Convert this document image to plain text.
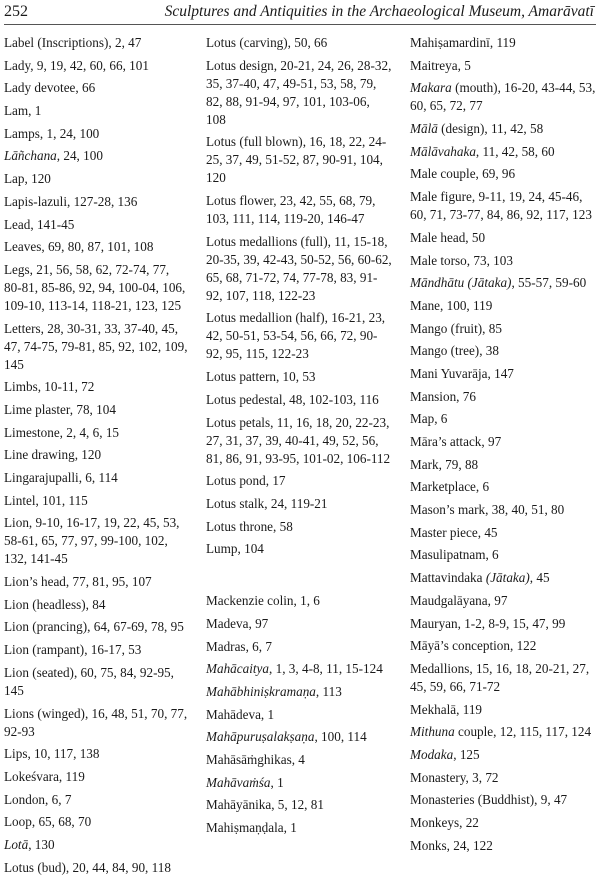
252	Sculptures and Antiquities in the Archaeological Museum, Amarāvatī
Label (Inscriptions), 2, 47
Lady, 9, 19, 42, 60, 66, 101
Lady devotee, 66
Lam, 1
Lamps, 1, 24, 100
Lāñchana, 24, 100
Lap, 120
Lapis-lazuli, 127-28, 136
Lead, 141-45
Leaves, 69, 80, 87, 101, 108
Legs, 21, 56, 58, 62, 72-74, 77, 80-81, 85-86, 92, 94, 100-04, 106, 109-10, 113-14, 118-21, 123, 125
Letters, 28, 30-31, 33, 37-40, 45, 47, 74-75, 79-81, 85, 92, 102, 109, 145
Limbs, 10-11, 72
Lime plaster, 78, 104
Limestone, 2, 4, 6, 15
Line drawing, 120
Lingarajupalli, 6, 114
Lintel, 101, 115
Lion, 9-10, 16-17, 19, 22, 45, 53, 58-61, 65, 77, 97, 99-100, 102, 132, 141-45
Lion’s head, 77, 81, 95, 107
Lion (headless), 84
Lion (prancing), 64, 67-69, 78, 95
Lion (rampant), 16-17, 53
Lion (seated), 60, 75, 84, 92-95, 145
Lions (winged), 16, 48, 51, 70, 77, 92-93
Lips, 10, 117, 138
Lokeśvara, 119
London, 6, 7
Loop, 65, 68, 70
Lotā, 130
Lotus (bud), 20, 44, 84, 90, 118
Lotus (carving), 50, 66
Lotus design, 20-21, 24, 26, 28-32, 35, 37-40, 47, 49-51, 53, 58, 79, 82, 88, 91-94, 97, 101, 103-06, 108
Lotus (full blown), 16, 18, 22, 24-25, 37, 49, 51-52, 87, 90-91, 104, 120
Lotus flower, 23, 42, 55, 68, 79, 103, 111, 114, 119-20, 146-47
Lotus medallions (full), 11, 15-18, 20-35, 39, 42-43, 50-52, 56, 60-62, 65, 68, 71-72, 74, 77-78, 83, 91-92, 107, 118, 122-23
Lotus medallion (half), 16-21, 23, 42, 50-51, 53-54, 56, 66, 72, 90-92, 95, 115, 122-23
Lotus pattern, 10, 53
Lotus pedestal, 48, 102-103, 116
Lotus petals, 11, 16, 18, 20, 22-23, 27, 31, 37, 39, 40-41, 49, 52, 56, 81, 86, 91, 93-95, 101-02, 106-112
Lotus pond, 17
Lotus stalk, 24, 119-21
Lotus throne, 58
Lump, 104
Mackenzie colin, 1, 6
Madeva, 97
Madras, 6, 7
Mahācaitya, 1, 3, 4-8, 11, 15-124
Mahābhiniṣkramaṇa, 113
Mahādeva, 1
Mahāpuruṣalakṣaṇa, 100, 114
Mahāsāṁghikas, 4
Mahāvaṁśa, 1
Mahāyānika, 5, 12, 81
Mahiṣmaṇḍala, 1
Mahiṣamardinī, 119
Maitreya, 5
Makara (mouth), 16-20, 43-44, 53, 60, 65, 72, 77
Mālā (design), 11, 42, 58
Mālāvahaka, 11, 42, 58, 60
Male couple, 69, 96
Male figure, 9-11, 19, 24, 45-46, 60, 71, 73-77, 84, 86, 92, 117, 123
Male head, 50
Male torso, 73, 103
Māndhātu (Jātaka), 55-57, 59-60
Mane, 100, 119
Mango (fruit), 85
Mango (tree), 38
Mani Yuvarāja, 147
Mansion, 76
Map, 6
Māra’s attack, 97
Mark, 79, 88
Marketplace, 6
Mason’s mark, 38, 40, 51, 80
Master piece, 45
Masulipatnam, 6
Mattavindaka (Jātaka), 45
Maudgalāyana, 97
Mauryan, 1-2, 8-9, 15, 47, 99
Māyā’s conception, 122
Medallions, 15, 16, 18, 20-21, 27, 45, 59, 66, 71-72
Mekhalā, 119
Mithuna couple, 12, 115, 117, 124
Modaka, 125
Monastery, 3, 72
Monasteries (Buddhist), 9, 47
Monkeys, 22
Monks, 24, 122
